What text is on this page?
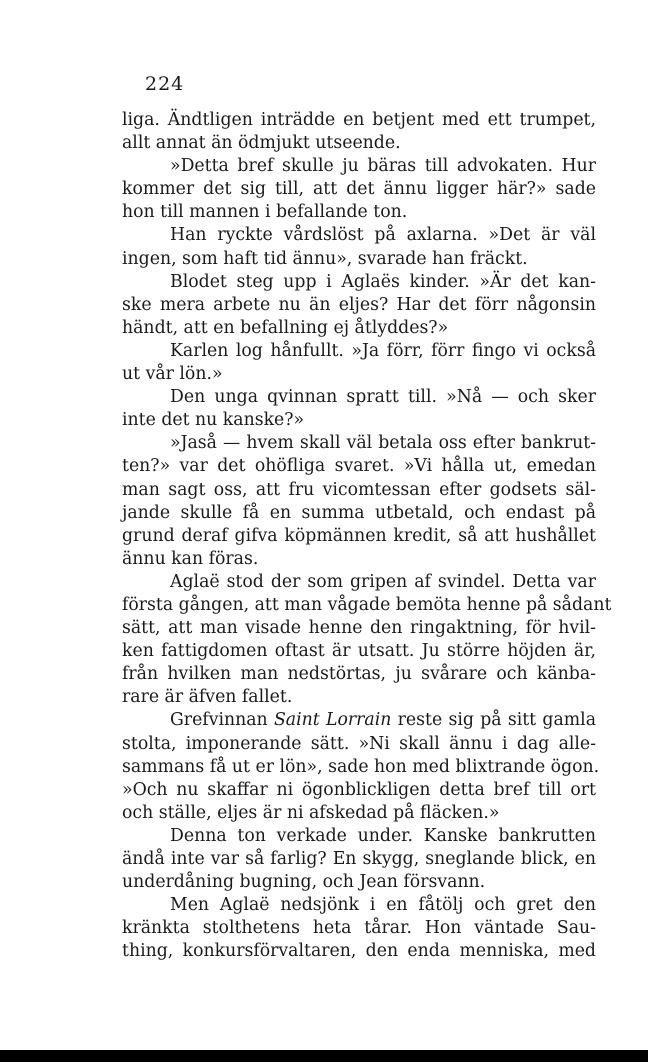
224
liga. Ändtligen inträdde en betjent med ett trumpet,
allt annat än ödmjukt utseende.
»Detta bref skulle ju bäras till advokaten. Hur
kommer det sig till, att det ännu ligger här?» sade
hon till mannen i befallande ton.
Han ryckte vårdslöst på axlarna. »Det är väl
ingen, som haft tid ännu», svarade han fräckt.
Blodet steg upp i Aglaës kinder. »Är det kan-
ske mera arbete nu än eljes? Har det förr någonsin
händt, att en befallning ej åtlyddes?»
Karlen log hånfullt. »Ja förr, förr fingo vi också
ut vår lön.»
Den unga qvinnan spratt till. »Nå — och sker
inte det nu kanske?»
»Jaså — hvem skall väl betala oss efter bankrut-
ten?» var det ohöfliga svaret. »Vi hålla ut, emedan
man sagt oss, att fru vicomtessan efter godsets säl-
jande skulle få en summa utbetald, och endast på
grund deraf gifva köpmännen kredit, så att hushållet
ännu kan föras.
Aglaë stod der som gripen af svindel. Detta var
första gången, att man vågade bemöta henne på sådant
sätt, att man visade henne den ringaktning, för hvil-
ken fattigdomen oftast är utsatt. Ju större höjden är,
från hvilken man nedstörtas, ju svårare och känba-
rare är äfven fallet.
Grefvinnan Saint Lorrain reste sig på sitt gamla
stolta, imponerande sätt. »Ni skall ännu i dag alle-
sammans få ut er lön», sade hon med blixtrande ögon.
»Och nu skaffar ni ögonblickligen detta bref till ort
och ställe, eljes är ni afskedad på fläcken.»
Denna ton verkade under. Kanske bankrutten
ändå inte var så farlig? En skygg, sneglande blick, en
underdåning bugning, och Jean försvann.
Men Aglaë nedsjönk i en fåtölj och gret den
kränkta stolthetens heta tårar. Hon väntade Sau-
thing, konkursförvaltaren, den enda menniska, med
